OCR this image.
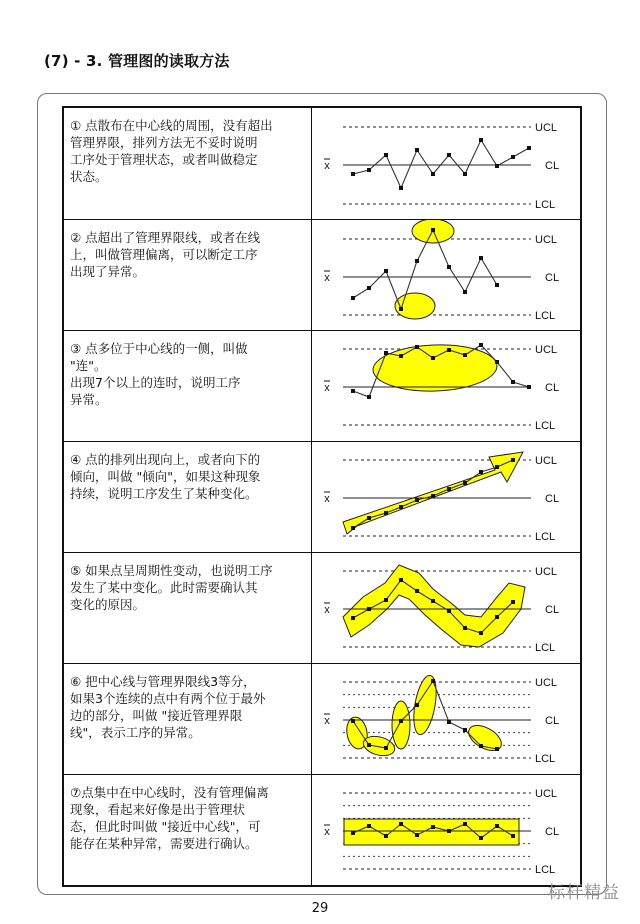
(7) - 3. 管理图的读取方法
① 点散布在中心线的周围，没有超出
管理界限，排列方法无不妥时说明
工序处于管理状态，或者叫做稳定
状态。
UCL
CL
LCL
x
② 点超出了管理界限线，或者在线
上，叫做管理偏离，可以断定工序
出现了异常。
UCL
CL
LCL
x
③ 点多位于中心线的一侧，叫做
"连"。
出现7个以上的连时，说明工序
异常。
UCL
CL
LCL
x
④ 点的排列出现向上，或者向下的
倾向，叫做 "倾向"，如果这种现象
持续，说明工序发生了某种变化。
UCL
CL
LCL
x
⑤ 如果点呈周期性变动，也说明工序
发生了某中变化。此时需要确认其
变化的原因。
UCL
CL
LCL
x
⑥ 把中心线与管理界限线3等分，
如果3个连续的点中有两个位于最外
边的部分，叫做 "接近管理界限
线"，表示工序的异常。
UCL
CL
LCL
x
⑦点集中在中心线时，没有管理偏离
现象，看起来好像是出于管理状
态，但此时叫做 "接近中心线"，可
能存在某种异常，需要进行确认。
UCL
CL
LCL
x
29
标杆精益
